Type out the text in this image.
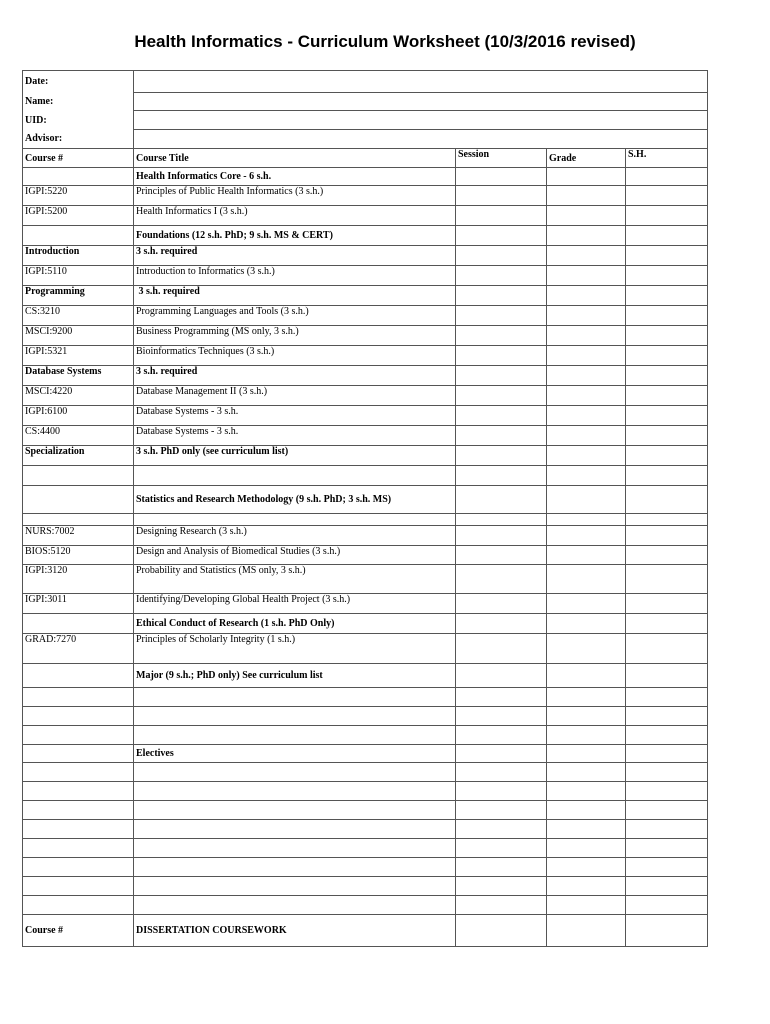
Health Informatics - Curriculum Worksheet (10/3/2016 revised)
Date:				
Name:				
UID:				
Advisor:				
Course #	Course Title	Session	Grade	S.H.
	Health Informatics Core - 6 s.h.			
IGPI:5220	Principles of Public Health Informatics (3 s.h.)			
IGPI:5200	Health Informatics I (3 s.h.)			
	Foundations (12 s.h. PhD; 9 s.h. MS & CERT)			
Introduction	3 s.h. required			
IGPI:5110	Introduction to Informatics (3 s.h.)			
Programming	3 s.h. required			
CS:3210	Programming Languages and Tools (3 s.h.)			
MSCI:9200	Business Programming (MS only, 3 s.h.)			
IGPI:5321	Bioinformatics Techniques (3 s.h.)			
Database Systems	3 s.h. required			
MSCI:4220	Database Management II (3 s.h.)			
IGPI:6100	Database Systems - 3 s.h.			
CS:4400	Database Systems - 3 s.h.			
Specialization	3 s.h. PhD only (see curriculum list)			

	Statistics and Research Methodology (9 s.h. PhD; 3 s.h. MS)			

NURS:7002	Designing Research (3 s.h.)			
BIOS:5120	Design and Analysis of Biomedical Studies (3 s.h.)			
IGPI:3120	Probability and Statistics (MS only, 3 s.h.)			
IGPI:3011	Identifying/Developing Global Health Project (3 s.h.)			
	Ethical Conduct of Research (1 s.h. PhD Only)			
GRAD:7270	Principles of Scholarly Integrity (1 s.h.)			
	Major (9 s.h.; PhD only) See curriculum list			

	Electives			

Course #	DISSERTATION COURSEWORK			
